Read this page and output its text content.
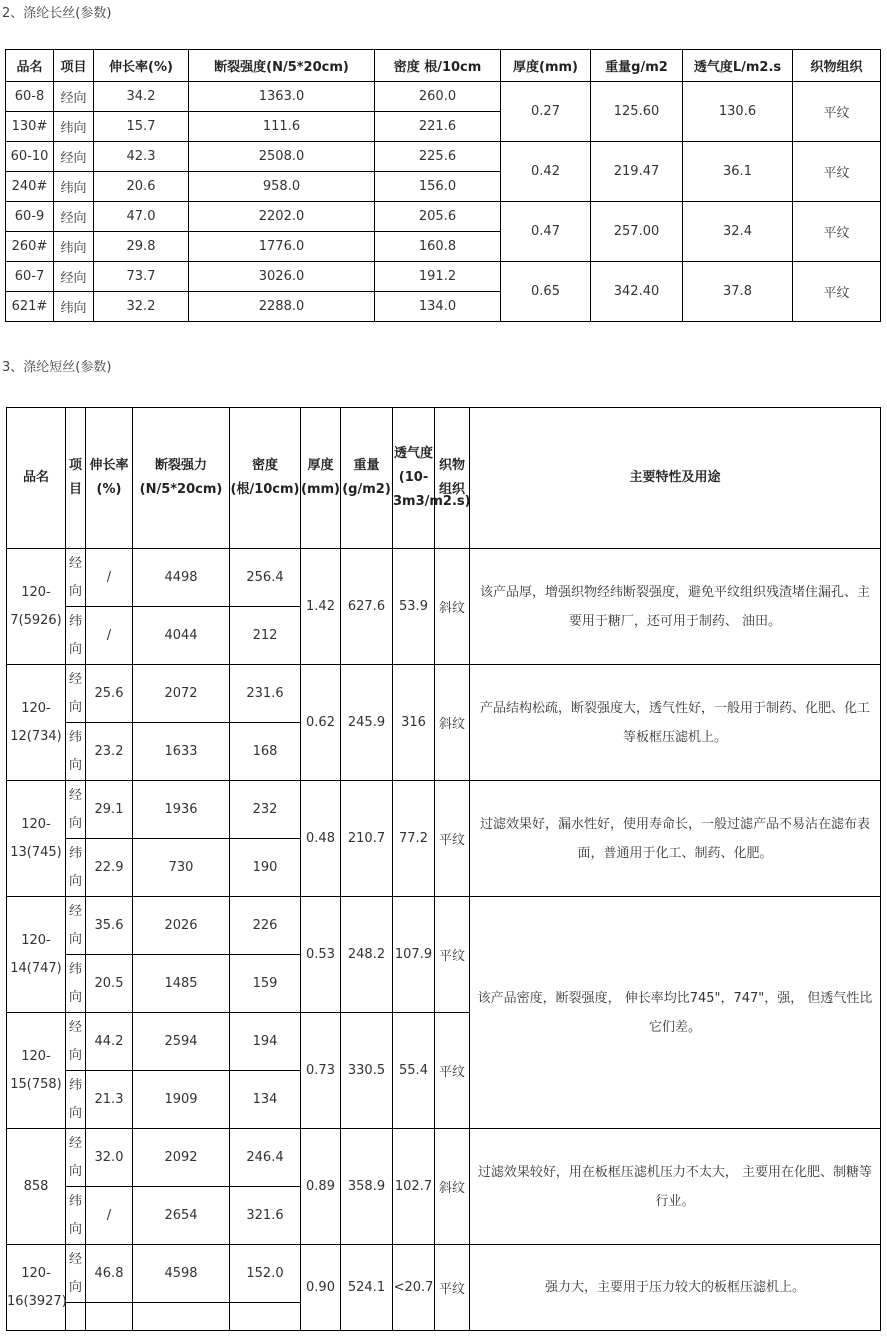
2、涤纶长丝(参数)
品名	项目	伸长率(%)	断裂强度(N/5*20cm)	密度 根/10cm	厚度(mm)	重量g/m2	透气度L/m2.s	织物组织
60-8	经向	34.2	1363.0	260.0	0.27	125.60	130.6	平纹
130#	纬向	15.7	111.6	221.6				
60-10	经向	42.3	2508.0	225.6	0.42	219.47	36.1	平纹
240#	纬向	20.6	958.0	156.0				
60-9	经向	47.0	2202.0	205.6	0.47	257.00	32.4	平纹
260#	纬向	29.8	1776.0	160.8				
60-7	经向	73.7	3026.0	191.2	0.65	342.40	37.8	平纹
621#	纬向	32.2	2288.0	134.0				
3、涤纶短丝(参数)
品名	项目	伸长率(%)	断裂强力(N/5*20cm)	密度(根/10cm)	厚度(mm)	重量(g/m2)	透气度(10-3m3/m2.s)	织物组织	主要特性及用途
120-7(5926)	经向	/	4498	256.4	1.42	627.6	53.9	斜纹	该产品厚，增强织物经纬断裂强度，避免平纹组织残渣堵住漏孔、主要用于糖厂，还可用于制药、 油田。
	纬向	/	4044	212					
120-12(734)	经向	25.6	2072	231.6	0.62	245.9	316	斜纹	产品结构松疏，断裂强度大，透气性好，一般用于制药、化肥、化工等板框压滤机上。
	纬向	23.2	1633	168					
120-13(745)	经向	29.1	1936	232	0.48	210.7	77.2	平纹	过滤效果好，漏水性好，使用寿命长，一般过滤产品不易沾在滤布表面，普通用于化工、制药、化肥。
	纬向	22.9	730	190					
120-14(747)	经向	35.6	2026	226	0.53	248.2	107.9	平纹	该产品密度，断裂强度， 伸长率均比745"，747"，强， 但透气性比它们差。
	纬向	20.5	1485	159					
120-15(758)	经向	44.2	2594	194	0.73	330.5	55.4	平纹	
	纬向	21.3	1909	134					
858	经向	32.0	2092	246.4	0.89	358.9	102.7	斜纹	过滤效果较好，用在板框压滤机压力不太大， 主要用在化肥、制糖等行业。
	纬向	/	2654	321.6					
120-16(3927)	经向	46.8	4598	152.0	0.90	524.1	<20.7	平纹	强力大，主要用于压力较大的板框压滤机上。
